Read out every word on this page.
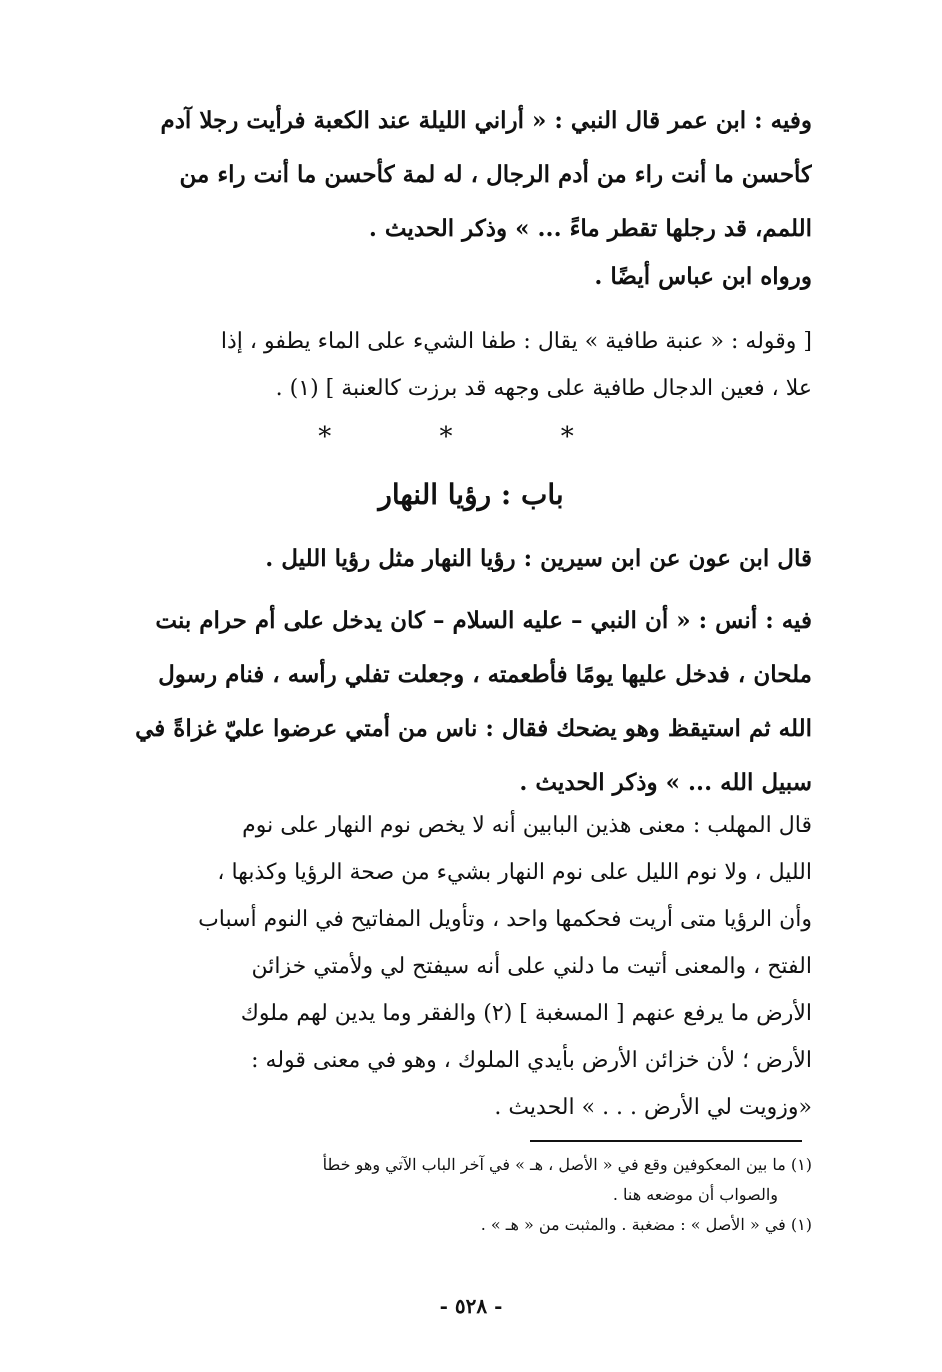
وفيه : ابن عمر قال النبي : « أراني الليلة عند الكعبة فرأيت رجلا آدم
كأحسن ما أنت راء من أدم الرجال ، له لمة كأحسن ما أنت راء من
اللمم، قد رجلها تقطر ماءً ... » وذكر الحديث .
ورواه ابن عباس أيضًا .
[ وقوله : « عنبة طافية » يقال : طفا الشيء على الماء يطفو ، إذا
علا ، فعين الدجال طافية على وجهه قد برزت كالعنبة ] (١) .
* * *
باب : رؤيا النهار
قال ابن عون عن ابن سيرين : رؤيا النهار مثل رؤيا الليل .
فيه : أنس : « أن النبي – عليه السلام – كان يدخل على أم حرام بنت
ملحان ، فدخل عليها يومًا فأطعمته ، وجعلت تفلي رأسه ، فنام رسول
الله ثم استيقظ وهو يضحك فقال : ناس من أمتي عرضوا عليّ غزاةً في
سبيل الله ... » وذكر الحديث .
قال المهلب : معنى هذين البابين أنه لا يخص نوم النهار على نوم
الليل ، ولا نوم الليل على نوم النهار بشيء من صحة الرؤيا وكذبها ،
وأن الرؤيا متى أريت فحكمها واحد ، وتأويل المفاتيح في النوم أسباب
الفتح ، والمعنى أتيت ما دلني على أنه سيفتح لي ولأمتي خزائن
الأرض ما يرفع عنهم [ المسغبة ] (٢) والفقر وما يدين لهم ملوك
الأرض ؛ لأن خزائن الأرض بأيدي الملوك ، وهو في معنى قوله :
«وزويت لي الأرض . . . » الحديث .
(١) ما بين المعكوفين وقع في « الأصل ، هـ » في آخر الباب الآتي وهو خطأ
والصواب أن موضعه هنا .
(١) في « الأصل » : مضغبة . والمثبت من « هـ » .
- ٥٢٨ -
